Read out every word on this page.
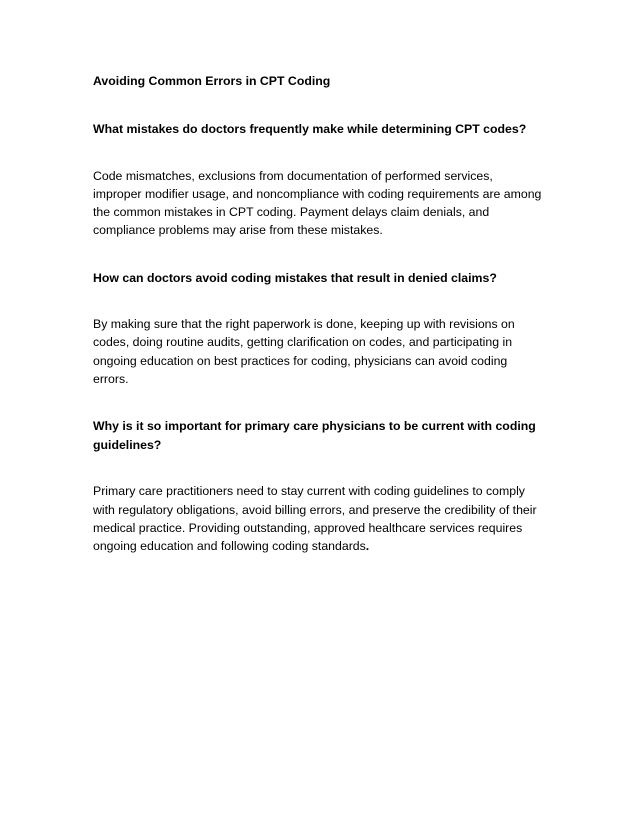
Avoiding Common Errors in CPT Coding
What mistakes do doctors frequently make while determining CPT codes?
Code mismatches, exclusions from documentation of performed services, improper modifier usage, and noncompliance with coding requirements are among the common mistakes in CPT coding. Payment delays claim denials, and compliance problems may arise from these mistakes.
How can doctors avoid coding mistakes that result in denied claims?
By making sure that the right paperwork is done, keeping up with revisions on codes, doing routine audits, getting clarification on codes, and participating in ongoing education on best practices for coding, physicians can avoid coding errors.
Why is it so important for primary care physicians to be current with coding guidelines?
Primary care practitioners need to stay current with coding guidelines to comply with regulatory obligations, avoid billing errors, and preserve the credibility of their medical practice. Providing outstanding, approved healthcare services requires ongoing education and following coding standards.
